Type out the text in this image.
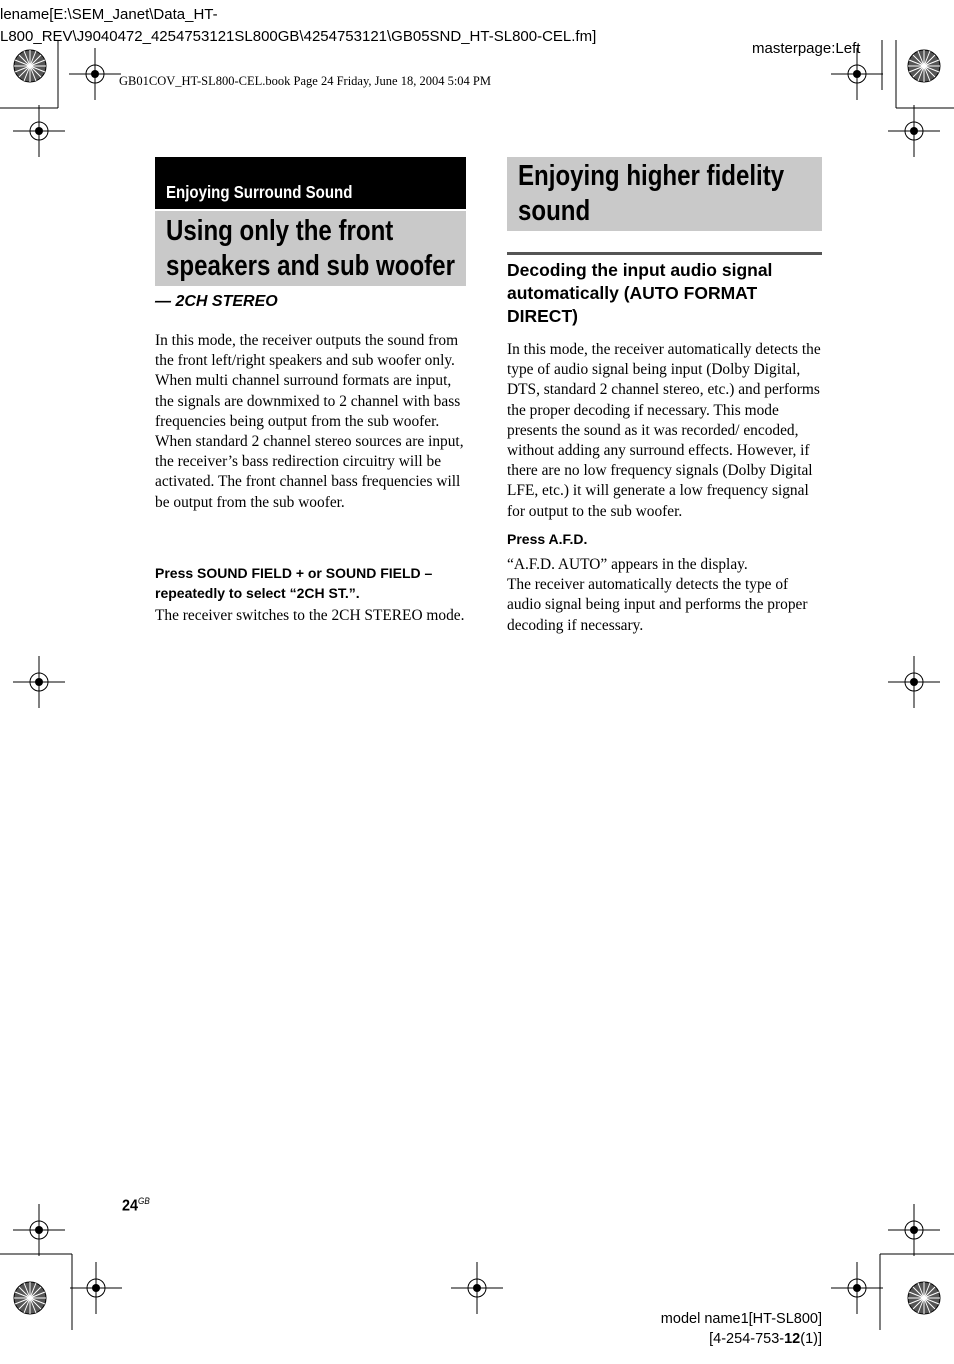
lename[E:\SEM_Janet\Data_HT-
L800_REV\J9040472_4254753121SL800GB\4254753121\GB05SND_HT-SL800-CEL.fm]
masterpage:Left
GB01COV_HT-SL800-CEL.book Page 24 Friday, June 18, 2004 5:04 PM
Enjoying Surround Sound
Using only the front speakers and sub woofer
— 2CH STEREO
In this mode, the receiver outputs the sound from the front left/right speakers and sub woofer only.
When multi channel surround formats are input, the signals are downmixed to 2 channel with bass frequencies being output from the sub woofer.
When standard 2 channel stereo sources are input, the receiver’s bass redirection circuitry will be activated. The front channel bass frequencies will be output from the sub woofer.
Press SOUND FIELD + or SOUND FIELD – repeatedly to select “2CH ST.”.
The receiver switches to the 2CH STEREO mode.
Enjoying higher fidelity sound
Decoding the input audio signal automatically (AUTO FORMAT DIRECT)
In this mode, the receiver automatically detects the type of audio signal being input (Dolby Digital, DTS, standard 2 channel stereo, etc.) and performs the proper decoding if necessary. This mode presents the sound as it was recorded/ encoded, without adding any surround effects. However, if there are no low frequency signals (Dolby Digital LFE, etc.) it will generate a low frequency signal for output to the sub woofer.
Press A.F.D.
“A.F.D. AUTO” appears in the display.
The receiver automatically detects the type of audio signal being input and performs the proper decoding if necessary.
$24^{GB}$
model name1[HT-SL800]
[4-254-753-12(1)]
